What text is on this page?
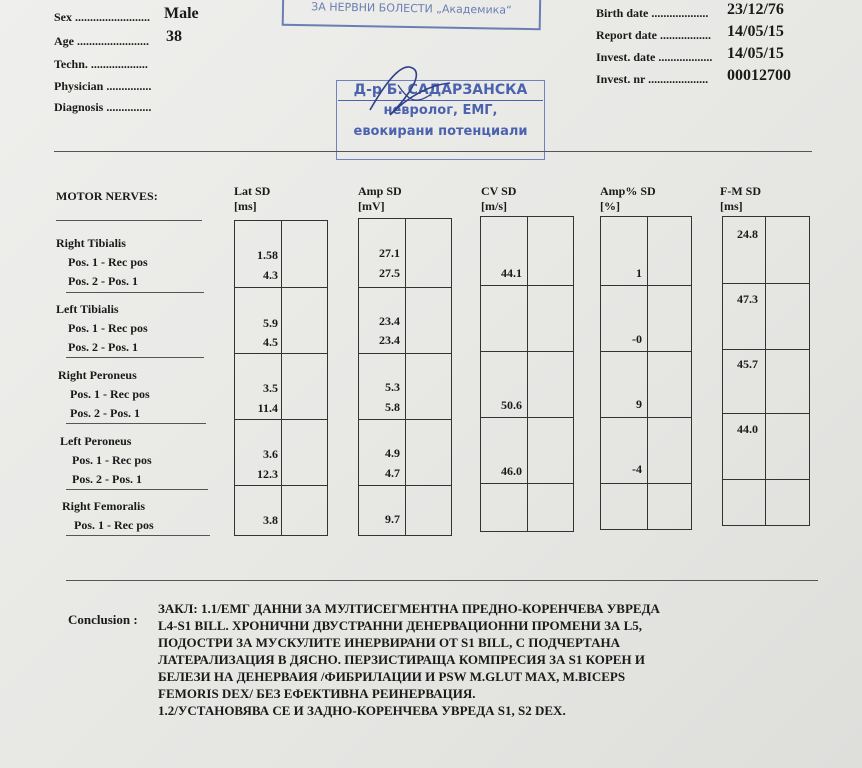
ЗА НЕРВНИ БОЛЕСТИ „Академика“
Sex ......................... Male
Age ........................ 38
Techn. ...................
Physician ...............
Diagnosis ...............
Birth date ................... 23/12/76
Report date ................. 14/05/15
Invest. date .................. 14/05/15
Invest. nr .................... 00012700
Д-р Б. САДАРЗАНСКА
невролог, ЕМГ,
евокирани потенциали
MOTOR NERVES:	Lat SD
[ms]
Amp SD
[mV]
CV SD
[m/s]
Amp% SD
[%]
F-M SD
[ms]
Right Tibialis
Pos. 1 - Rec pos
Pos. 2 - Pos. 1
Left Tibialis
Pos. 1 - Rec pos
Pos. 2 - Pos. 1
Right Peroneus
Pos. 1 - Rec pos
Pos. 2 - Pos. 1
Left Peroneus
Pos. 1 - Rec pos
Pos. 2 - Pos. 1
Right Femoralis
Pos. 1 - Rec pos
1.58
4.3
5.9
4.5
3.5
11.4
3.6
12.3
3.8
27.1
27.5
23.4
23.4
5.3
5.8
4.9
4.7
9.7
44.1
50.6
46.0
1
-0
9
-4
24.8
47.3
45.7
44.0
Conclusion :
ЗАКЛ: 1.1/ЕМГ ДАННИ ЗА МУЛТИСЕГМЕНТНА ПРЕДНО-КОРЕНЧЕВА УВРЕДА
L4-S1 BILL. ХРОНИЧНИ ДВУСТРАННИ ДЕНЕРВАЦИОННИ ПРОМЕНИ ЗА L5,
ПОДОСТРИ ЗА МУСКУЛИТЕ ИНЕРВИРАНИ ОТ S1 BILL, С ПОДЧЕРТАНА
ЛАТЕРАЛИЗАЦИЯ В ДЯСНО. ПЕРЗИСТИРАЩА КОМПРЕСИЯ ЗА S1 КОРЕН И
БЕЛЕЗИ НА ДЕНЕРВАИЯ /ФИБРИЛАЦИИ И PSW M.GLUT MAX, M.BICEPS
FEMORIS DEX/ БЕЗ ЕФЕКТИВНА РЕИНЕРВАЦИЯ.
1.2/УСТАНОВЯВА СЕ И ЗАДНО-КОРЕНЧЕВА УВРЕДА S1, S2 DEX.
